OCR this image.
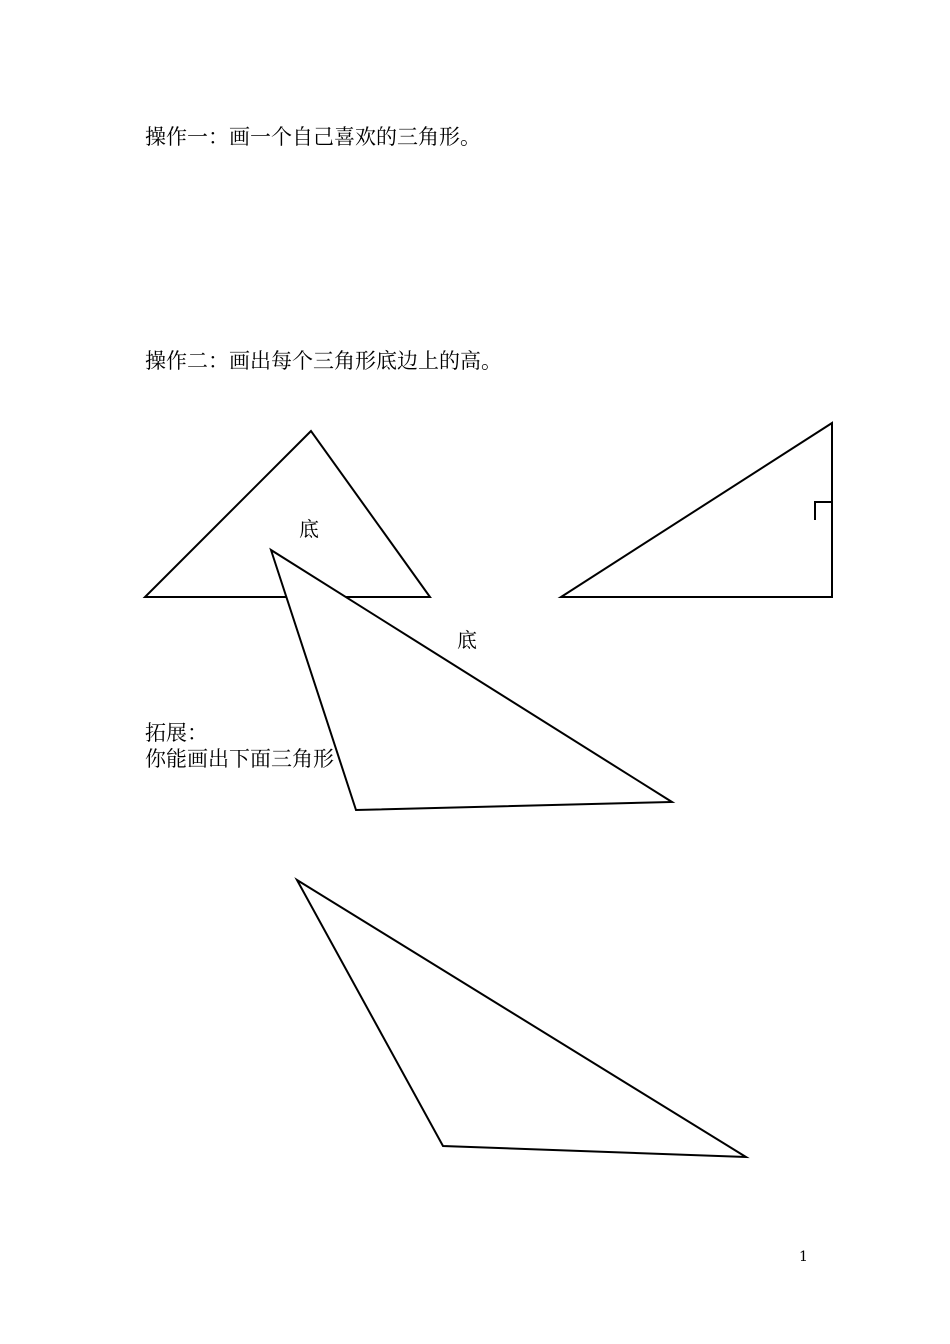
操作一：画一个自己喜欢的三角形。
操作二：画出每个三角形底边上的高。
拓展：
你能画出下面三角形
底
底
1
